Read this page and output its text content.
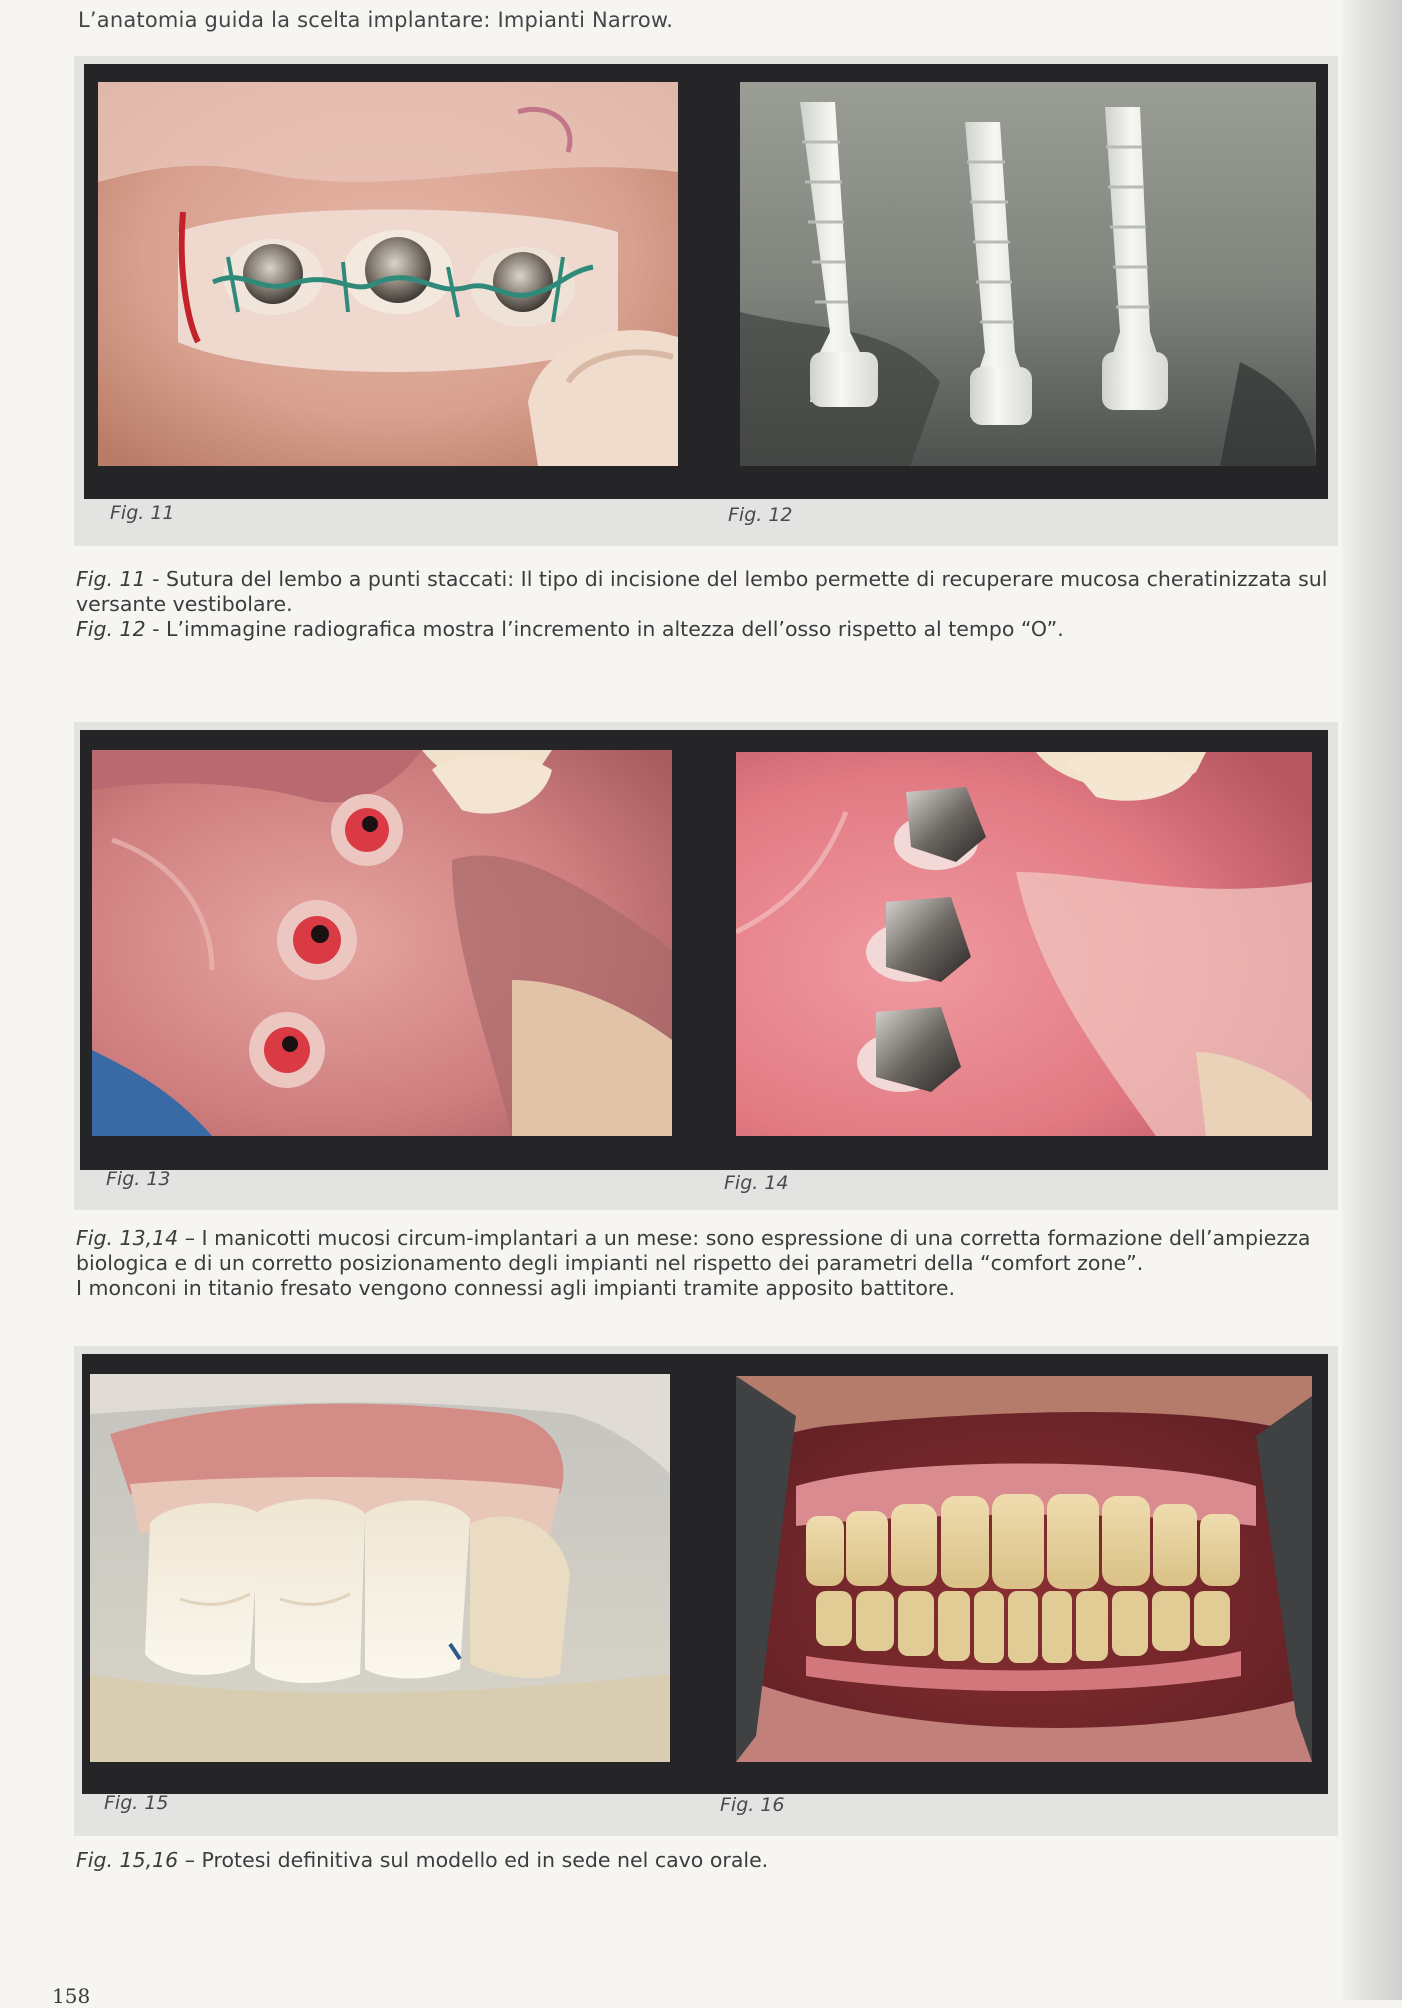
L’anatomia guida la scelta implantare: Impianti Narrow.
Fig. 11	Fig. 12

Fig. 11 - Sutura del lembo a punti staccati: Il tipo di incisione del lembo permette di recuperare mucosa cheratinizzata sul versante vestibolare.

Fig. 12 - L’immagine radiografica mostra l’incremento in altezza dell’osso rispetto al tempo “O”.

Fig. 13	Fig. 14

Fig. 13,14 – I manicotti mucosi circum-implantari a un mese: sono espressione di una corretta formazione dell’ampiezza biologica e di un corretto posizionamento degli impianti nel rispetto dei parametri della “comfort zone”.

I monconi in titanio fresato vengono connessi agli impianti tramite apposito battitore.

Fig. 15	Fig. 16

Fig. 15,16 – Protesi definitiva sul modello ed in sede nel cavo orale.

158
